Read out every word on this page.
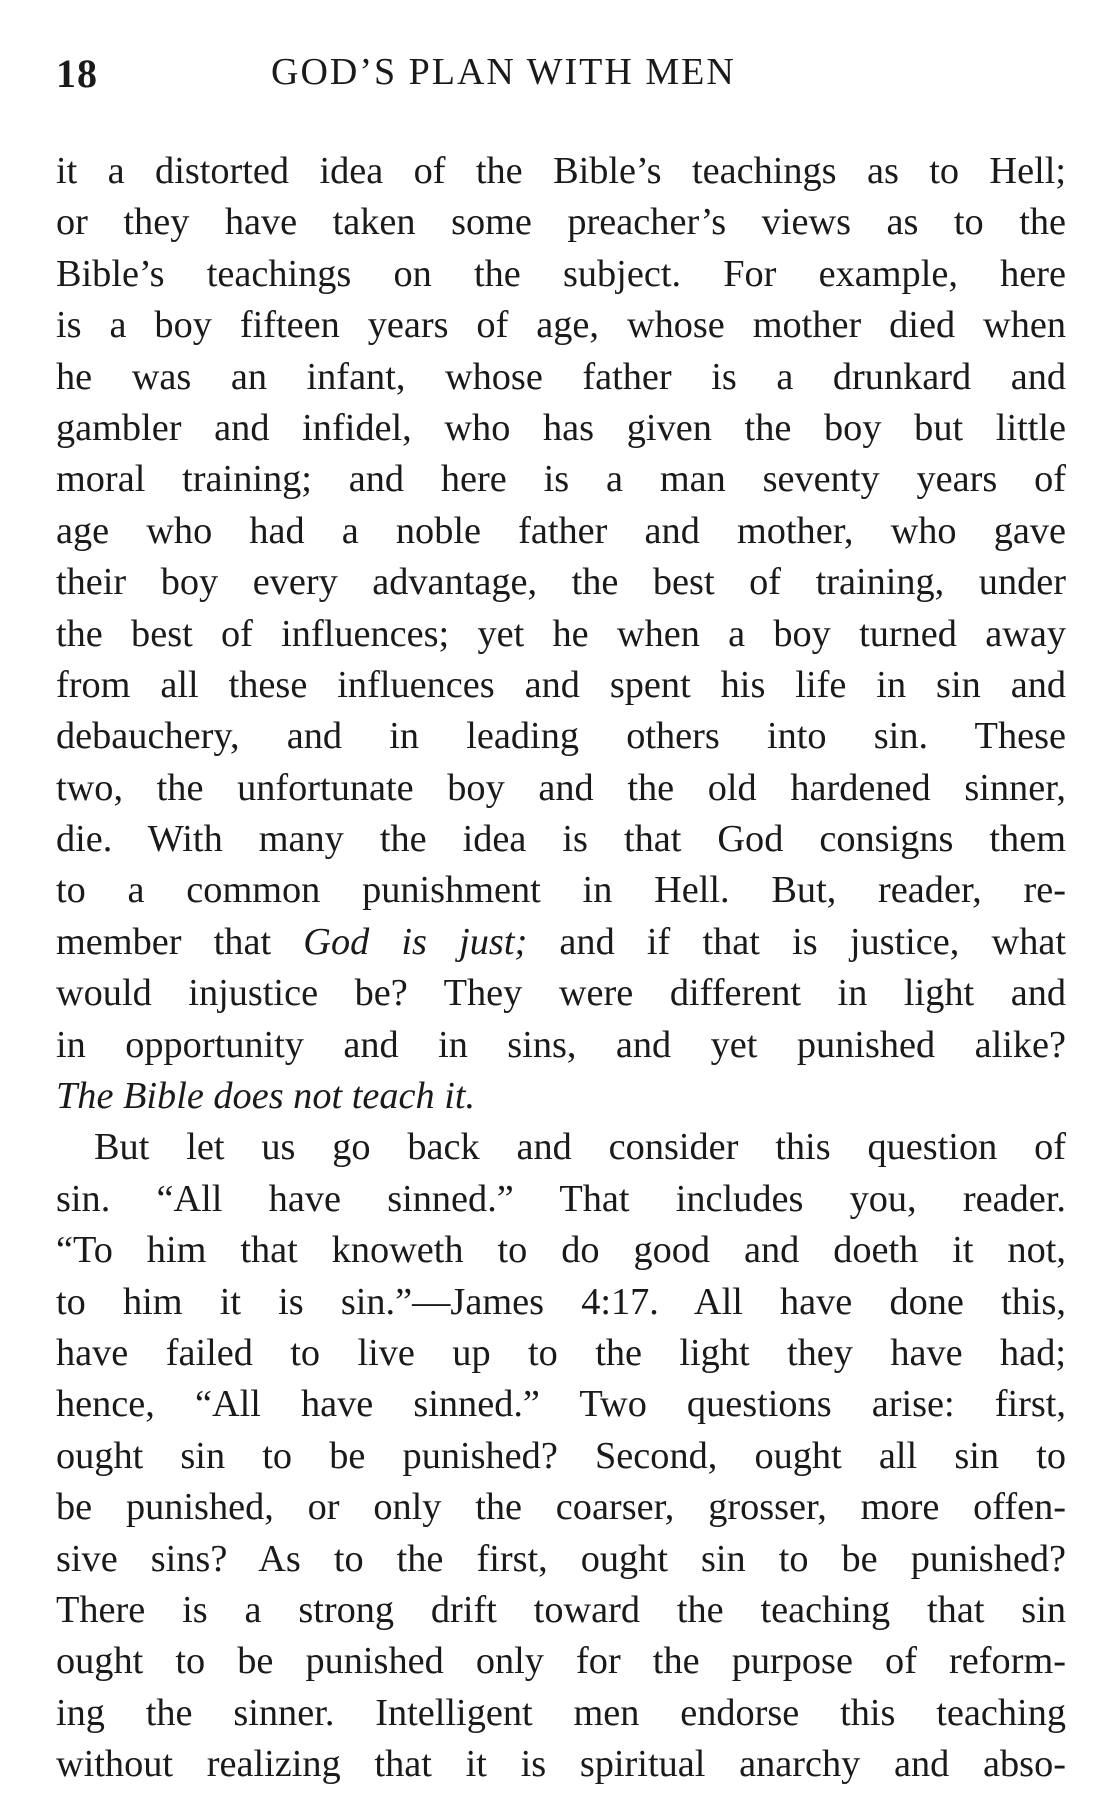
18	GOD’S PLAN WITH MEN
it a distorted idea of the Bible’s teachings as to Hell;
or they have taken some preacher’s views as to the
Bible’s teachings on the subject. For example, here
is a boy fifteen years of age, whose mother died when
he was an infant, whose father is a drunkard and
gambler and infidel, who has given the boy but little
moral training; and here is a man seventy years of
age who had a noble father and mother, who gave
their boy every advantage, the best of training, under
the best of influences; yet he when a boy turned away
from all these influences and spent his life in sin and
debauchery, and in leading others into sin. These
two, the unfortunate boy and the old hardened sinner,
die. With many the idea is that God consigns them
to a common punishment in Hell. But, reader, re-
member that God is just; and if that is justice, what
would injustice be? They were different in light and
in opportunity and in sins, and yet punished alike?
The Bible does not teach it.
But let us go back and consider this question of
sin. “All have sinned.” That includes you, reader.
“To him that knoweth to do good and doeth it not,
to him it is sin.”—James 4:17. All have done this,
have failed to live up to the light they have had;
hence, “All have sinned.” Two questions arise: first,
ought sin to be punished? Second, ought all sin to
be punished, or only the coarser, grosser, more offen-
sive sins? As to the first, ought sin to be punished?
There is a strong drift toward the teaching that sin
ought to be punished only for the purpose of reform-
ing the sinner. Intelligent men endorse this teaching
without realizing that it is spiritual anarchy and abso-
